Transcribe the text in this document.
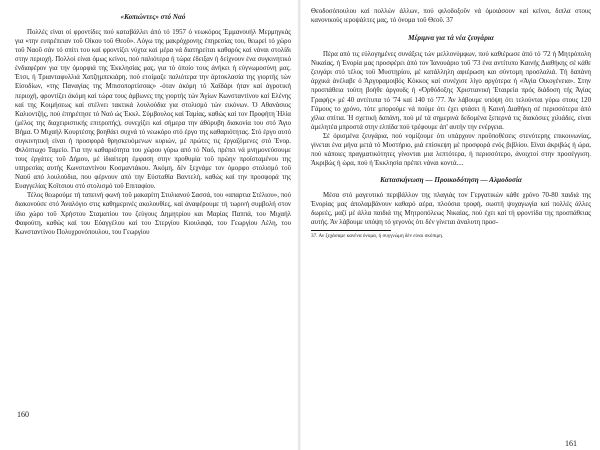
«Κοπιώντες» στό Ναό

Πολλές είναι οί φροντίδες πού καταβάλλει άπό τό 1957 ό νεωκόρος Έμμανουήλ Μερμηγκάς για «την ευπρέπειαν τοΰ Οίκου τοΰ Θεοΰ». Λόγω της μακρόχρονης έπηρεσίας του, θεωρεί τό χώρο τοΰ Ναοΰ σάν τό σπίτι του καί φροντίζει νύχτα καί μέρα νά διατηρείται καθαρός καί νάναι στολίδι στην περιοχή. Πολλοί είναι όμως κείνοι, πού παλιότερα ή τώρα έδειξαν ή δείχνουν ένα συγκινητικό ένδιαφέρον για την όμορφιά της Έκκλησίας μας, για τό όποίο τους άνήκει ή εύγνωμοσύνη μας. Έτσι, ή Τριανταφυλλιά Χατζημπεκιάρη, πού ετοίμαζε παλιότερα την άρτοκλασία της γιορτής τών Είσοδίων, «της Παναγίας της Μπισοπορτίσσας» -όταν άκόμη τό Χαϊδάρι ήταν καί άγροτική περιοχή, φροντίζει άκόμη καί τώρα τους άμβωνες της γιορτής τών Άγίων Κωνσταντίνου καί Ελένης καί της Κοιμήσεως καί στέλνει τακτικά λουλούδια για στολισμό τών εικόνων. Ό Αθανάσιος Καλιοντζής, πού έπηρέτησε τό Ναό ώς Έκκλ. Σύμβουλος καί Ταμίας, καθώς καί τον Προφήτη Ήλία (μέλος της διαχειριστικής επιτροπής), συνεχίζει καί σήμερα την άθόρυβη διακονία του στό Άγιο Βήμα. Ό Μιχαήλ Κουρτέσης βοηθάει συχνά τό νεωκόρο στό έργο της καθαριότητας. Στό έργο αυτό συγκινητική είναι ή προσφορά θρησκευόμενων κυριών, μέ πρώτες τις έργαζόμενες στό Ένορ. Φιλόπτωχο Ταμείο. Για την καθαριότητα του χώρου γύρω από τό Ναό, πρέπει νά μνημονεύσουμε τους έργάτες τοΰ Δήμου, μέ ίδιαίτερη έμφαση στην προθυμία τοΰ πρώην προϊσταμένου της υπηρεσίας αυτής Κωνσταντίνου Κοσμαντάκου. Άκόμη, δέν ξεχνάμε τον όμορφο στολισμό τοΰ Ναοΰ από λουλούδια, που φέρνουν από την Εύσταθία Βαντελή, καθώς καί την προσφορά της Ευαγγελίας Κοΐτσιου στό στολισμό τοΰ Επιταφίου.

Τέλος θεωρούμε τή ταπεινή φωνή τοΰ μακαρίτη Στυλιανού Σασσά, του «απαρτια Στέλιου», πού διακονούσε στό Άναλόγιο στις καθημερινές ακολουθίες, καί άναφέρουμε τή τωρινή συμβολή στον ίδιο χώρο τοΰ Χρήστου Σταματίου του ζεύγους Δημητρίου και Μαρίας Παππά, του Μιχαήλ Φαφούτη, καθώς καί του Εύαγγέλου καί του Στεργίου Κιουλαφά, του Γεωργίου Λέλη, του Κωνσταντίνου Πολυχρονόπουλου, του Γεωργίου

160

Θεοδοσόπουλου καί πολλών άλλων, πού φιλοδοξοΰν νά όμοιάσουν καί κείνοι, διπλα στους κανονικούς ιεροψάλτες μας, τό όνομα τοΰ Θεοΰ. 37

Μέριμνα για τά νέα ζευγάρια

Πέρα από τις εύλογημένες συνάξεις τών μελλονύμφων, πού καθιέρωσε άπό τό '72 ή Μητρόπολη Νικαίας, ή Ένορία μας προσφέρει άπό τον Ίανουάριο τοΰ '73 ένα αντίτυπο Καινής Διαθήκης σέ κάθε ζευγάρι στό τέλος τοΰ Μυστηρίου, μέ κατάλληλη αφιέρωση και σύντομη προσλαλιά. Τή δαπάνη άρχικά άνέλαβε ό Άργυραμοιβός Κόκκος καί συνέχισε λίγο αργότερα ή «Άγία Οικογένεια». Στην προσπάθεια τούτη βοήθε άργουδς ή «Όρθόδοξης Χριστιανική Έταιρεία πρός διάδοση τής Άγίας Γραφής» μέ 40 αντίτυπα τό '74 καί 140 τό '77. Άν λάβουμε υπόψη ότι τελούνται γύρω στους 120 Γάμους το χρόνο, τότε μπορούμε νά πούμε ότι έχει φτάσει ή Καινή Διαθήκη σέ περισσότερα άπό χίλια σπίτια. Ή σχετική δαπάνη, πού μέ τά σημερινά δεδομένα ξεπερνά τις διακόσιες χιλιάδες, είναι άμελητέα μπροστά στην ελπίδα πού τρέφουμε άπ' αυτήν την ενέργεια.

Σέ όρισμένα ζευγάρια, πού νομίζουμε ότι υπάρχουν προϋποθέσεις στενότερης επικοινωνίας, γίνεται ένα μήνα μετά τό Μυστήριο, μιά επίσκεψη μέ προσφορά ενός βιβλίου. Είναι άκριβώς ή ώρα, πού κάποιες πραγματικότητες γίνονται μια λεπτότερα, ή περισσότερο, άνοιχτοί στην προσέγγιση. Άκριβώς ή ώρα, πού ή Έκκλησία πρέπει νάναι κοντά....

Κατασκήνωση — Προικοδότηση — Αλμοδοσία

Μέσα στό μαγευτικό περιβάλλον της πλαγιάς τον Γεργατικών κάθε χρόνο 70-80 παιδιά της Ένορίας μας άπολαμβάνουν καθαρό αέρα, πλούσια τροφή, σωστή ψυχαγωγία καί πολλές άλλες δωρεές, μαζί μέ άλλα παιδιά της Μητροπόλεως Νικαίας, πού έχει καί τή φροντίδα της προσπάθειας αυτής. Άν λάβουμε υπόψη τό γεγονός ότι δέν γίνεται άναλυτη προσ-

37. Αν ξεχάσαμε κανένα όνομα, ή συγγνώμη δέν είναι σκόπιμη.

161
